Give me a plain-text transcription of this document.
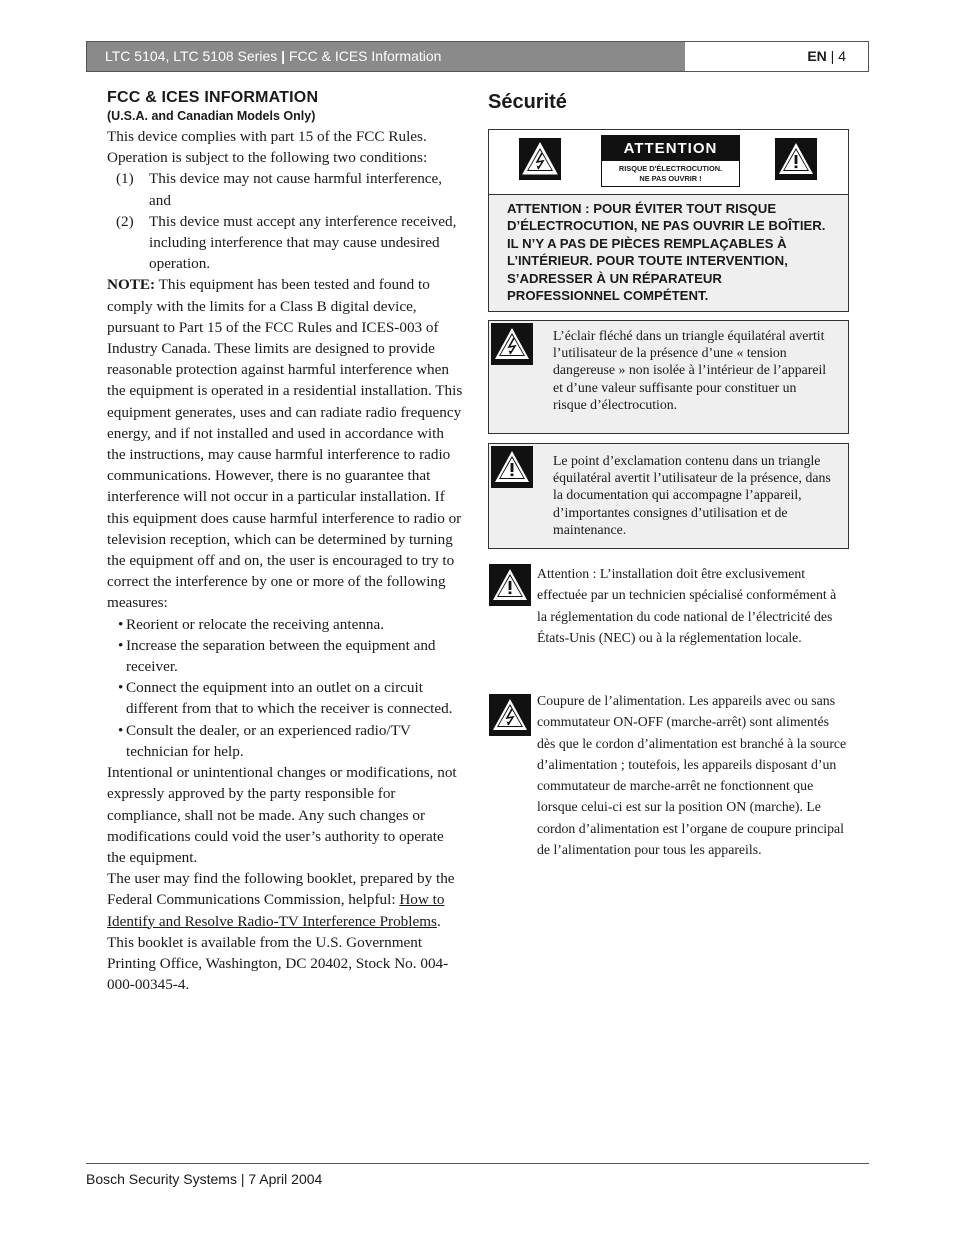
LTC 5104, LTC 5108 Series | FCC & ICES Information	EN | 4
FCC & ICES INFORMATION
(U.S.A. and Canadian Models Only)

This device complies with part 15 of the FCC Rules. Operation is subject to the following two conditions:

(1)	This device may not cause harmful interference, and
(2)	This device must accept any interference received, including interference that may cause undesired operation.

NOTE: This equipment has been tested and found to comply with the limits for a Class B digital device, pursuant to Part 15 of the FCC Rules and ICES-003 of Industry Canada. These limits are designed to provide reasonable protection against harmful interference when the equipment is operated in a residential installation. This equipment generates, uses and can radiate radio frequency energy, and if not installed and used in accordance with the instructions, may cause harmful interference to radio communications. However, there is no guarantee that interference will not occur in a particular installation. If this equipment does cause harmful interference to radio or television reception, which can be determined by turning the equipment off and on, the user is encouraged to try to correct the interference by one or more of the following measures:

• Reorient or relocate the receiving antenna.
• Increase the separation between the equipment and receiver.
• Connect the equipment into an outlet on a circuit different from that to which the receiver is connected.
• Consult the dealer, or an experienced radio/TV technician for help.

Intentional or unintentional changes or modifications, not expressly approved by the party responsible for compliance, shall not be made. Any such changes or modifications could void the user’s authority to operate the equipment.

The user may find the following booklet, prepared by the Federal Communications Commission, helpful: How to Identify and Resolve Radio-TV Interference Problems. This booklet is available from the U.S. Government Printing Office, Washington, DC 20402, Stock No. 004-000-00345-4.

Sécurité
ATTENTION
RISQUE D'ÉLECTROCUTION.
NE PAS OUVRIR !
ATTENTION : POUR ÉVITER TOUT RISQUE D’ÉLECTROCUTION, NE PAS OUVRIR LE BOÎTIER. IL N’Y A PAS DE PIÈCES REMPLAÇABLES À L’INTÉRIEUR. POUR TOUTE INTERVENTION, S’ADRESSER À UN RÉPARATEUR PROFESSIONNEL COMPÉTENT.
L’éclair fléché dans un triangle équilatéral avertit l’utilisateur de la présence d’une « tension dangereuse » non isolée à l’intérieur de l’appareil et d’une valeur suffisante pour constituer un risque d’électrocution.
Le point d’exclamation contenu dans un triangle équilatéral avertit l’utilisateur de la présence, dans la documentation qui accompagne l’appareil, d’importantes consignes d’utilisation et de maintenance.
Attention : L’installation doit être exclusivement effectuée par un technicien spécialisé conformément à la réglementation du code national de l’électricité des États-Unis (NEC) ou à la réglementation locale.
Coupure de l’alimentation. Les appareils avec ou sans commutateur ON-OFF (marche-arrêt) sont alimentés dès que le cordon d’alimentation est branché à la source d’alimentation ; toutefois, les appareils disposant d’un commutateur de marche-arrêt ne fonctionnent que lorsque celui-ci est sur la position ON (marche). Le cordon d’alimentation est l’organe de coupure principal de l’alimentation pour tous les appareils.
Bosch Security Systems | 7 April 2004
